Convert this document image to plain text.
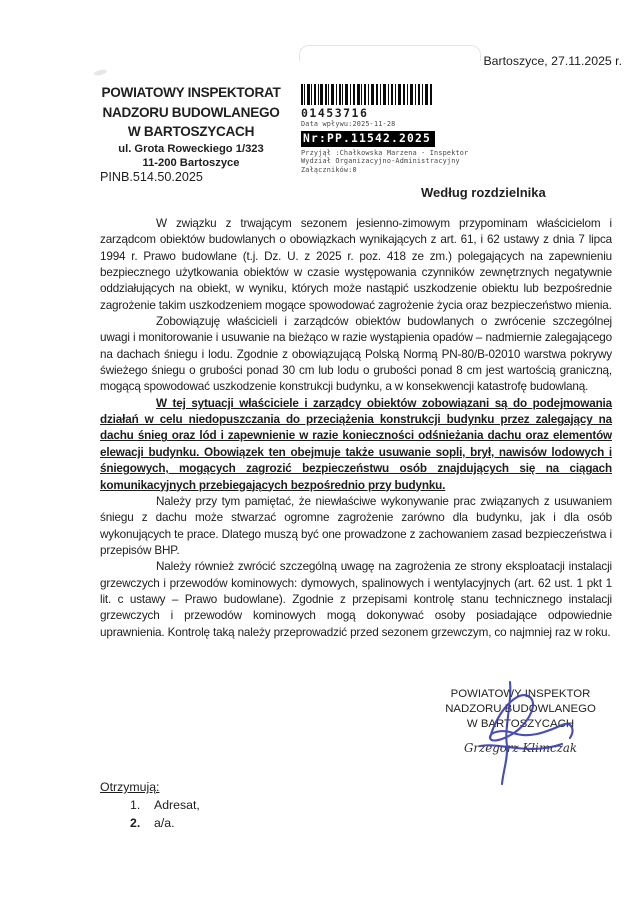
Bartoszyce, 27.11.2025 r.
POWIATOWY INSPEKTORAT
NADZORU BUDOWLANEGO
W BARTOSZYCACH
ul. Grota Roweckiego 1/323
11-200 Bartoszyce
01453716
Data wpływu:2025-11-28
Nr:PP.11542.2025
Przyjął :Chałkowska Marzena - Inspektor
Wydział Organizacyjno-Administracyjny
Załączników:0
PINB.514.50.2025
Według rozdzielnika

W związku z trwającym sezonem jesienno-zimowym przypominam właścicielom i zarządcom obiektów budowlanych o obowiązkach wynikających z art. 61, i 62 ustawy z dnia 7 lipca 1994 r. Prawo budowlane (t.j. Dz. U. z 2025 r. poz. 418 ze zm.) polegających na zapewnieniu bezpiecznego użytkowania obiektów w czasie występowania czynników zewnętrznych negatywnie oddziałujących na obiekt, w wyniku, których może nastąpić uszkodzenie obiektu lub bezpośrednie zagrożenie takim uszkodzeniem mogące spowodować zagrożenie życia oraz bezpieczeństwo mienia.

Zobowiązuję właścicieli i zarządców obiektów budowlanych o zwrócenie szczególnej uwagi i monitorowanie i usuwanie na bieżąco w razie wystąpienia opadów – nadmiernie zalegającego na dachach śniegu i lodu. Zgodnie z obowiązującą Polską Normą PN-80/B-02010 warstwa pokrywy świeżego śniegu o grubości ponad 30 cm lub lodu o grubości ponad 8 cm jest wartością graniczną, mogącą spowodować uszkodzenie konstrukcji budynku, a w konsekwencji katastrofę budowlaną.

W tej sytuacji właściciele i zarządcy obiektów zobowiązani są do podejmowania działań w celu niedopuszczania do przeciążenia konstrukcji budynku przez zalegający na dachu śnieg oraz lód i zapewnienie w razie konieczności odśnieżania dachu oraz elementów elewacji budynku. Obowiązek ten obejmuje także usuwanie sopli, brył, nawisów lodowych i śniegowych, mogących zagrozić bezpieczeństwu osób znajdujących się na ciągach komunikacyjnych przebiegających bezpośrednio przy budynku.

Należy przy tym pamiętać, że niewłaściwe wykonywanie prac związanych z usuwaniem śniegu z dachu może stwarzać ogromne zagrożenie zarówno dla budynku, jak i dla osób wykonujących te prace. Dlatego muszą być one prowadzone z zachowaniem zasad bezpieczeństwa i przepisów BHP.

Należy również zwrócić szczególną uwagę na zagrożenia ze strony eksploatacji instalacji grzewczych i przewodów kominowych: dymowych, spalinowych i wentylacyjnych (art. 62 ust. 1 pkt 1 lit. c ustawy – Prawo budowlane). Zgodnie z przepisami kontrolę stanu technicznego instalacji grzewczych i przewodów kominowych mogą dokonywać osoby posiadające odpowiednie uprawnienia. Kontrolę taką należy przeprowadzić przed sezonem grzewczym, co najmniej raz w roku.

POWIATOWY INSPEKTOR
NADZORU BUDOWLANEGO
W BARTOSZYCACH
Grzegorz Klimczak
Otrzymują:
1.	Adresat,
2.	a/a.
